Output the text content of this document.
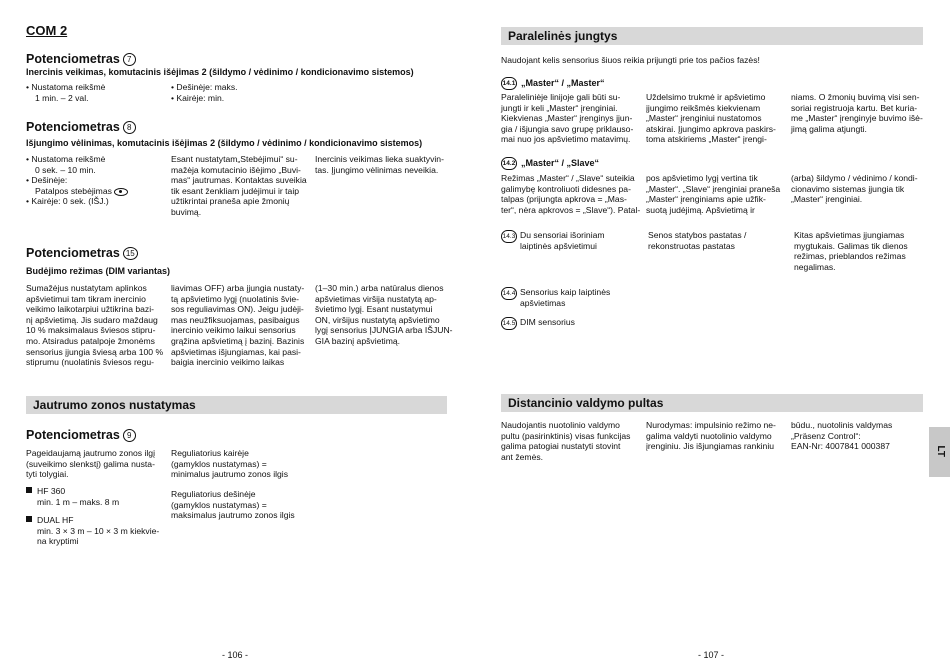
COM 2
Potenciometras 7
Inercinis veikimas, komutacinis išėjimas 2 (šildymo / vėdinimo / kondicionavimo sistemos)
• Nustatoma reikšmė
1 min. – 2 val.
• Dešinėje: maks.
• Kairėje: min.
Potenciometras 8
Išjungimo vėlinimas, komutacinis išėjimas 2 (šildymo / vėdinimo / kondicionavimo sistemos)
• Nustatoma reikšmė
0 sek. – 10 min.
• Dešinėje:
Patalpos stebėjimas
• Kairėje: 0 sek. (IŠJ.)
Esant nustatytam„Stebėjimui“ su-
mažėja komutacinio išėjimo „Buvi-
mas“ jautrumas. Kontaktas suveikia
tik esant ženkliam judėjimui ir taip
užtikrintai praneša apie žmonių
buvimą.
Inercinis veikimas lieka suaktyvin-
tas. Įjungimo vėlinimas neveikia.
Potenciometras 15
Budėjimo režimas (DIM variantas)
Sumažėjus nustatytam aplinkos
apšvietimui tam tikram inercinio
veikimo laikotarpiui užtikrina bazi-
nį apšvietimą. Jis sudaro maždaug
10 % maksimalaus šviesos stipru-
mo. Atsiradus patalpoje žmonėms
sensorius įjungia šviesą arba 100 %
stiprumu (nuolatinis šviesos regu-
liavimas OFF) arba įjungia nustaty-
tą apšvietimo lygį (nuolatinis švie-
sos reguliavimas ON). Jeigu judėji-
mas neužfiksuojamas, pasibaigus
inercinio veikimo laikui sensorius
grąžina apšvietimą į bazinį. Bazinis
apšvietimas išjungiamas, kai pasi-
baigia inercinio veikimo laikas
(1–30 min.) arba natūralus dienos
apšvietimas viršija nustatytą ap-
švietimo lygį. Esant nustatymui
ON, viršijus nustatytą apšvietimo
lygį sensorius ĮJUNGIA arba IŠJUN-
GIA bazinį apšvietimą.
Jautrumo zonos nustatymas
Potenciometras 9
Pageidaujamą jautrumo zonos ilgį
(suveikimo slenkstį) galima nusta-
tyti tolygiai.
HF 360
min. 1 m – maks. 8 m
DUAL HF
min. 3 × 3 m – 10 × 3 m kiekvie-
na kryptimi
Reguliatorius kairėje
(gamyklos nustatymas) =
minimalus jautrumo zonos ilgis
Reguliatorius dešinėje
(gamyklos nustatymas) =
maksimalus jautrumo zonos ilgis
- 106 -
Paralelinės jungtys
Naudojant kelis sensorius šiuos reikia prijungti prie tos pačios fazės!
14.1 „Master“ / „Master“
Paraleliniėje linijoje gali būti su-
jungti ir keli „Master“ įrenginiai.
Kiekvienas „Master“ įrenginys įjun-
gia / išjungia savo grupę priklauso-
mai nuo jos apšvietimo matavimų.
Uždelsimo trukmė ir apšvietimo
įjungimo reikšmės kiekvienam
„Master“ įrenginiui nustatomos
atskirai. Įjungimo apkrova paskirs-
toma atskiriems „Master“ įrengi-
niams. O žmonių buvimą visi sen-
soriai registruoja kartu. Bet kuria-
me „Master“ įrenginyje buvimo išė-
jimą galima atjungti.
14.2 „Master“ / „Slave“
Režimas „Master“ / „Slave“ suteikia
galimybę kontroliuoti didesnes pa-
talpas (prijungta apkrova = „Mas-
ter“, nėra apkrovos = „Slave“). Patal-
pos apšvietimo lygį vertina tik
„Master“. „Slave“ įrenginiai praneša
„Master“ įrenginiams apie užfik-
suotą judėjimą. Apšvietimą ir
(arba) šildymo / vėdinimo / kondi-
cionavimo sistemas įjungia tik
„Master“ įrenginiai.
14.3 Du sensoriai išoriniam
laiptinės apšvietimui
Senos statybos pastatas /
rekonstruotas pastatas
Kitas apšvietimas įjungiamas
mygtukais. Galimas tik dienos
režimas, prieblandos režimas
negalimas.
14.4 Sensorius kaip laiptinės
apšvietimas
14.5 DIM sensorius
Distancinio valdymo pultas
Naudojantis nuotolinio valdymo
pultu (pasirinktinis) visas funkcijas
galima patogiai nustatyti stovint
ant žemės.
Nurodymas: impulsinio režimo ne-
galima valdyti nuotolinio valdymo
įrenginiu. Jis išjungiamas rankiniu
būdu., nuotolinis valdymas
„Präsenz Control“:
EAN-Nr: 4007841 000387	LT
- 107 -
